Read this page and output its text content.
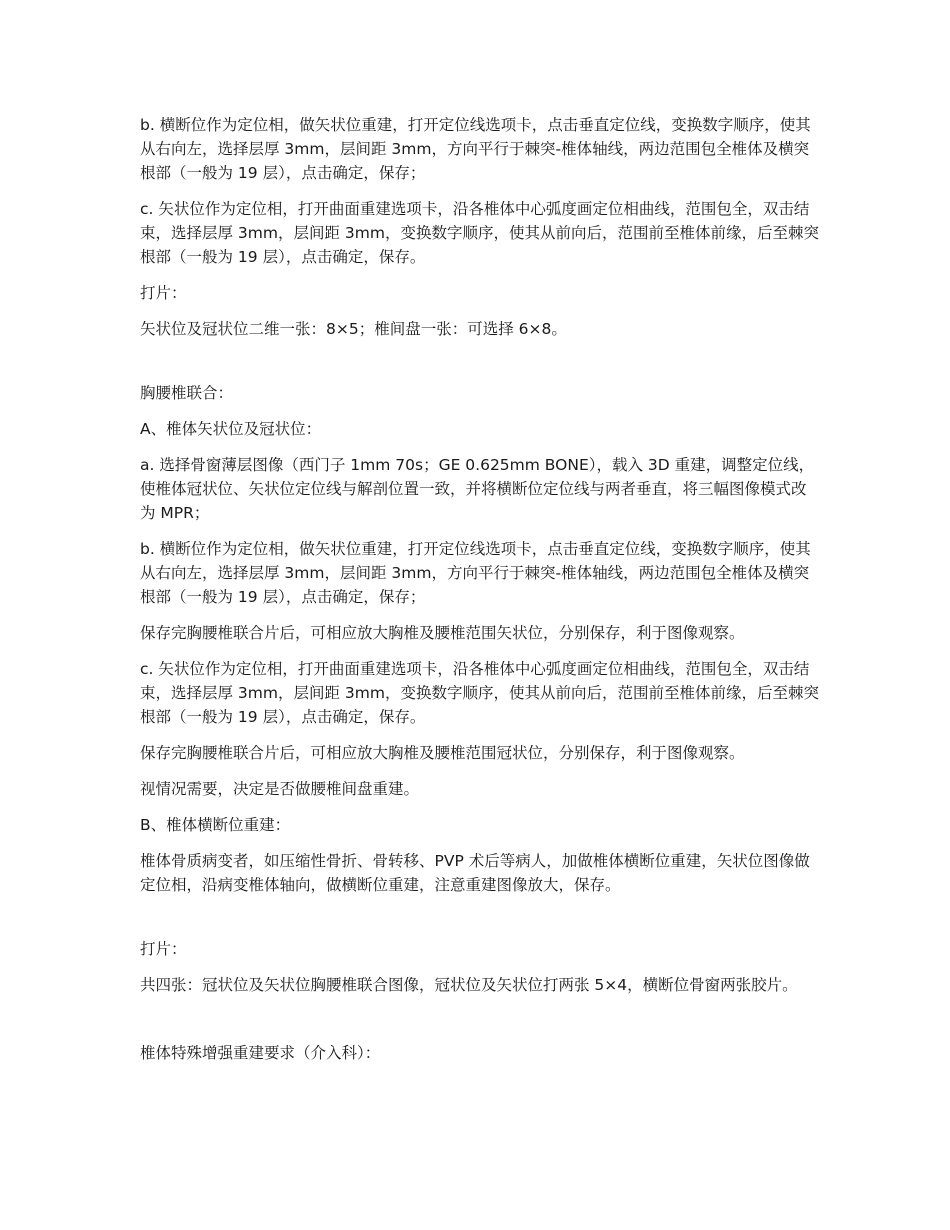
b. 横断位作为定位相，做矢状位重建，打开定位线选项卡，点击垂直定位线，变换数字顺序，使其从右向左，选择层厚 3mm，层间距 3mm，方向平行于棘突-椎体轴线，两边范围包全椎体及横突根部（一般为 19 层），点击确定，保存；

c. 矢状位作为定位相，打开曲面重建选项卡，沿各椎体中心弧度画定位相曲线，范围包全，双击结束，选择层厚 3mm，层间距 3mm，变换数字顺序，使其从前向后，范围前至椎体前缘，后至棘突根部（一般为 19 层），点击确定，保存。

打片：

矢状位及冠状位二维一张：8×5；椎间盘一张：可选择 6×8。

胸腰椎联合：

A、椎体矢状位及冠状位：

a. 选择骨窗薄层图像（西门子 1mm 70s；GE 0.625mm BONE），载入 3D 重建，调整定位线，使椎体冠状位、矢状位定位线与解剖位置一致，并将横断位定位线与两者垂直，将三幅图像模式改为 MPR；

b. 横断位作为定位相，做矢状位重建，打开定位线选项卡，点击垂直定位线，变换数字顺序，使其从右向左，选择层厚 3mm，层间距 3mm，方向平行于棘突-椎体轴线，两边范围包全椎体及横突根部（一般为 19 层），点击确定，保存；

保存完胸腰椎联合片后，可相应放大胸椎及腰椎范围矢状位，分别保存，利于图像观察。

c. 矢状位作为定位相，打开曲面重建选项卡，沿各椎体中心弧度画定位相曲线，范围包全，双击结束，选择层厚 3mm，层间距 3mm，变换数字顺序，使其从前向后，范围前至椎体前缘，后至棘突根部（一般为 19 层），点击确定，保存。

保存完胸腰椎联合片后，可相应放大胸椎及腰椎范围冠状位，分别保存，利于图像观察。

视情况需要，决定是否做腰椎间盘重建。

B、椎体横断位重建：

椎体骨质病变者，如压缩性骨折、骨转移、PVP 术后等病人，加做椎体横断位重建，矢状位图像做定位相，沿病变椎体轴向，做横断位重建，注意重建图像放大，保存。

打片：

共四张：冠状位及矢状位胸腰椎联合图像，冠状位及矢状位打两张 5×4，横断位骨窗两张胶片。

椎体特殊增强重建要求（介入科）：
